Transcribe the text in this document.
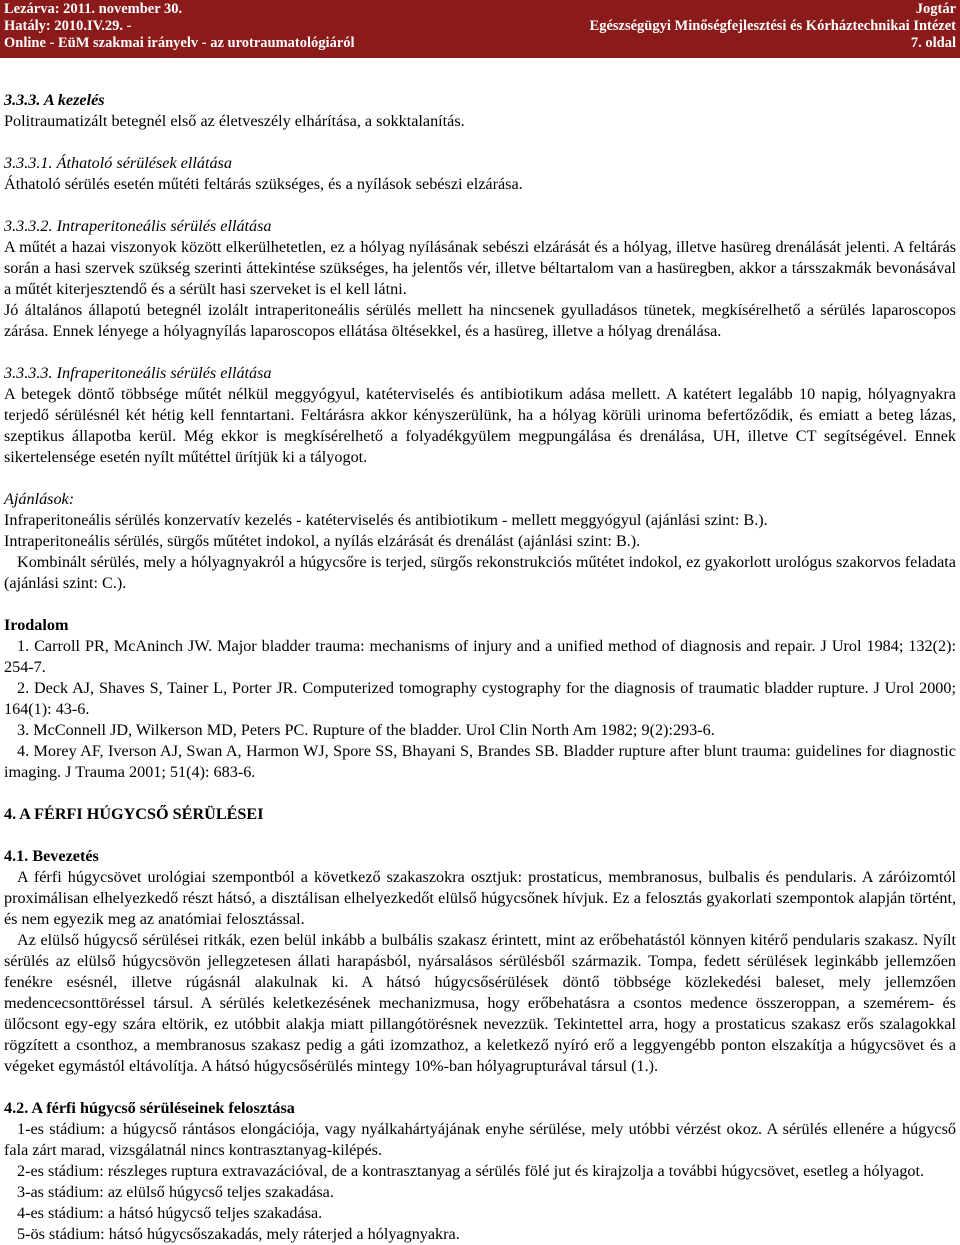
Lezárva: 2011. november 30.
Hatály: 2010.IV.29. -
Online - EüM szakmai irányelv - az urotraumatológiáról
Jogtár
Egészségügyi Minőségfejlesztési és Kórháztechnikai Intézet
7. oldal

3.3.3. A kezelés

Politraumatizált betegnél első az életveszély elhárítása, a sokktalanítás.

3.3.3.1. Áthatoló sérülések ellátása

Áthatoló sérülés esetén műtéti feltárás szükséges, és a nyílások sebészi elzárása.

3.3.3.2. Intraperitoneális sérülés ellátása

A műtét a hazai viszonyok között elkerülhetetlen, ez a hólyag nyílásának sebészi elzárását és a hólyag, illetve hasüreg drenálását jelenti. A feltárás során a hasi szervek szükség szerinti áttekintése szükséges, ha jelentős vér, illetve béltartalom van a hasüregben, akkor a társszakmák bevonásával a műtét kiterjesztendő és a sérült hasi szerveket is el kell látni.

Jó általános állapotú betegnél izolált intraperitoneális sérülés mellett ha nincsenek gyulladásos tünetek, megkísérelhető a sérülés laparoscopos zárása. Ennek lényege a hólyagnyílás laparoscopos ellátása öltésekkel, és a hasüreg, illetve a hólyag drenálása.

3.3.3.3. Infraperitoneális sérülés ellátása

A betegek döntő többsége műtét nélkül meggyógyul, katéterviselés és antibiotikum adása mellett. A katétert legalább 10 napig, hólyagnyakra terjedő sérülésnél két hétig kell fenntartani. Feltárásra akkor kényszerülünk, ha a hólyag körüli urinoma befertőződik, és emiatt a beteg lázas, szeptikus állapotba kerül. Még ekkor is megkísérelhető a folyadékgyülem megpungálása és drenálása, UH, illetve CT segítségével. Ennek sikertelensége esetén nyílt műtéttel ürítjük ki a tályogot.

Ajánlások:

Infraperitoneális sérülés konzervatív kezelés - katéterviselés és antibiotikum - mellett meggyógyul (ajánlási szint: B.).

Intraperitoneális sérülés, sürgős műtétet indokol, a nyílás elzárását és drenálást (ajánlási szint: B.).

Kombinált sérülés, mely a hólyagnyakról a húgycsőre is terjed, sürgős rekonstrukciós műtétet indokol, ez gyakorlott urológus szakorvos feladata (ajánlási szint: C.).

Irodalom

1. Carroll PR, McAninch JW. Major bladder trauma: mechanisms of injury and a unified method of diagnosis and repair. J Urol 1984; 132(2): 254-7.

2. Deck AJ, Shaves S, Tainer L, Porter JR. Computerized tomography cystography for the diagnosis of traumatic bladder rupture. J Urol 2000; 164(1): 43-6.

3. McConnell JD, Wilkerson MD, Peters PC. Rupture of the bladder. Urol Clin North Am 1982; 9(2):293-6.

4. Morey AF, Iverson AJ, Swan A, Harmon WJ, Spore SS, Bhayani S, Brandes SB. Bladder rupture after blunt trauma: guidelines for diagnostic imaging. J Trauma 2001; 51(4): 683-6.

4. A FÉRFI HÚGYCSŐ SÉRÜLÉSEI

4.1. Bevezetés

A férfi húgycsövet urológiai szempontból a következő szakaszokra osztjuk: prostaticus, membranosus, bulbalis és pendularis. A záróizomtól proximálisan elhelyezkedő részt hátsó, a disztálisan elhelyezkedőt elülső húgycsőnek hívjuk. Ez a felosztás gyakorlati szempontok alapján történt, és nem egyezik meg az anatómiai felosztással.

Az elülső húgycső sérülései ritkák, ezen belül inkább a bulbális szakasz érintett, mint az erőbehatástól könnyen kitérő pendularis szakasz. Nyílt sérülés az elülső húgycsövön jellegzetesen állati harapásból, nyársalásos sérülésből származik. Tompa, fedett sérülések leginkább jellemzően fenékre esésnél, illetve rúgásnál alakulnak ki. A hátsó húgycsősérülések döntő többsége közlekedési baleset, mely jellemzően medencecsonttöréssel társul. A sérülés keletkezésének mechanizmusa, hogy erőbehatásra a csontos medence összeroppan, a szemérem- és ülőcsont egy-egy szára eltörik, ez utóbbit alakja miatt pillangótörésnek nevezzük. Tekintettel arra, hogy a prostaticus szakasz erős szalagokkal rögzített a csonthoz, a membranosus szakasz pedig a gáti izomzathoz, a keletkező nyíró erő a leggyengébb ponton elszakítja a húgycsövet és a végeket egymástól eltávolítja. A hátsó húgycsősérülés mintegy 10%-ban hólyagrupturával társul (1.).

4.2. A férfi húgycső sérüléseinek felosztása

1-es stádium: a húgycső rántásos elongációja, vagy nyálkahártyájának enyhe sérülése, mely utóbbi vérzést okoz. A sérülés ellenére a húgycső fala zárt marad, vizsgálatnál nincs kontrasztanyag-kilépés.

2-es stádium: részleges ruptura extravazációval, de a kontrasztanyag a sérülés fölé jut és kirajzolja a további húgycsövet, esetleg a hólyagot.

3-as stádium: az elülső húgycső teljes szakadása.

4-es stádium: a hátsó húgycső teljes szakadása.

5-ös stádium: hátsó húgycsőszakadás, mely ráterjed a hólyagnyakra.
